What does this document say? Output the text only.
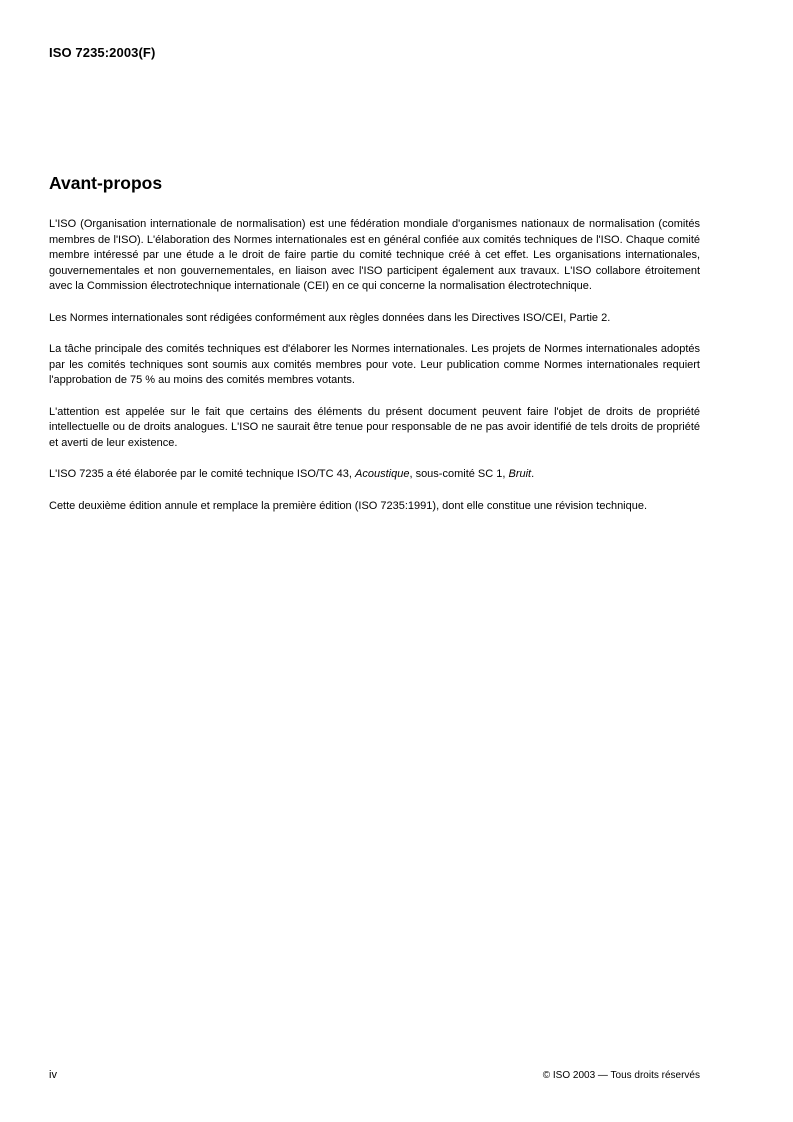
ISO 7235:2003(F)
Avant-propos

L'ISO (Organisation internationale de normalisation) est une fédération mondiale d'organismes nationaux de normalisation (comités membres de l'ISO). L'élaboration des Normes internationales est en général confiée aux comités techniques de l'ISO. Chaque comité membre intéressé par une étude a le droit de faire partie du comité technique créé à cet effet. Les organisations internationales, gouvernementales et non gouvernementales, en liaison avec l'ISO participent également aux travaux. L'ISO collabore étroitement avec la Commission électrotechnique internationale (CEI) en ce qui concerne la normalisation électrotechnique.

Les Normes internationales sont rédigées conformément aux règles données dans les Directives ISO/CEI, Partie 2.

La tâche principale des comités techniques est d'élaborer les Normes internationales. Les projets de Normes internationales adoptés par les comités techniques sont soumis aux comités membres pour vote. Leur publication comme Normes internationales requiert l'approbation de 75 % au moins des comités membres votants.

L'attention est appelée sur le fait que certains des éléments du présent document peuvent faire l'objet de droits de propriété intellectuelle ou de droits analogues. L'ISO ne saurait être tenue pour responsable de ne pas avoir identifié de tels droits de propriété et averti de leur existence.

L'ISO 7235 a été élaborée par le comité technique ISO/TC 43, Acoustique, sous-comité SC 1, Bruit.

Cette deuxième édition annule et remplace la première édition (ISO 7235:1991), dont elle constitue une révision technique.

iv	© ISO 2003 — Tous droits réservés
